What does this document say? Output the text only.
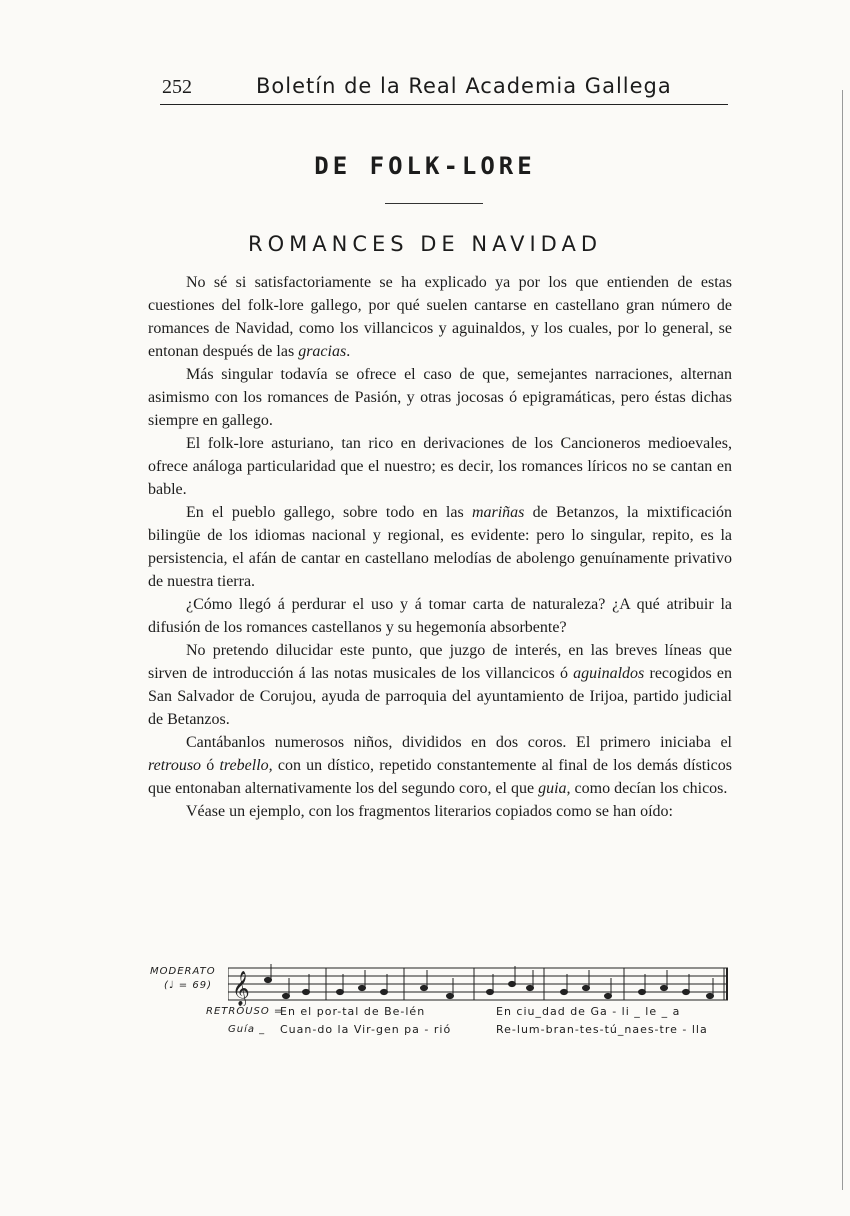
252	Boletín de la Real Academia Gallega
DE FOLK-LORE
ROMANCES DE NAVIDAD

No sé si satisfactoriamente se ha explicado ya por los que entienden de estas cuestiones del folk-lore gallego, por qué suelen cantarse en castellano gran número de romances de Navidad, como los villancicos y aguinaldos, y los cuales, por lo general, se entonan después de las gracias.

Más singular todavía se ofrece el caso de que, semejantes narraciones, alternan asimismo con los romances de Pasión, y otras jocosas ó epigramáticas, pero éstas dichas siempre en gallego.

El folk-lore asturiano, tan rico en derivaciones de los Cancioneros medioevales, ofrece análoga particularidad que el nuestro; es decir, los romances líricos no se cantan en bable.

En el pueblo gallego, sobre todo en las mariñas de Betanzos, la mixtificación bilingüe de los idiomas nacional y regional, es evidente: pero lo singular, repito, es la persistencia, el afán de cantar en castellano melodías de abolengo genuínamente privativo de nuestra tierra.

¿Cómo llegó á perdurar el uso y á tomar carta de naturaleza? ¿A qué atribuir la difusión de los romances castellanos y su hegemonía absorbente?

No pretendo dilucidar este punto, que juzgo de interés, en las breves líneas que sirven de introducción á las notas musicales de los villancicos ó aguinaldos recogidos en San Salvador de Corujou, ayuda de parroquia del ayuntamiento de Irijoa, partido judicial de Betanzos.

Cantábanlos numerosos niños, divididos en dos coros. El primero iniciaba el retrouso ó trebello, con un dístico, repetido constantemente al final de los demás dísticos que entonaban alternativamente los del segundo coro, el que guia, como decían los chicos.

Véase un ejemplo, con los fragmentos literarios copiados como se han oído:

MODERATO
(♩ = 69) 𝄞
RETROUSO =
En el por-tal de Be-lén	En ciu_dad de Ga - li _ le _ a
Guía _ Cuan-do la Vir-gen pa - rió	Re-lum-bran-tes-tú_naes-tre - lla
